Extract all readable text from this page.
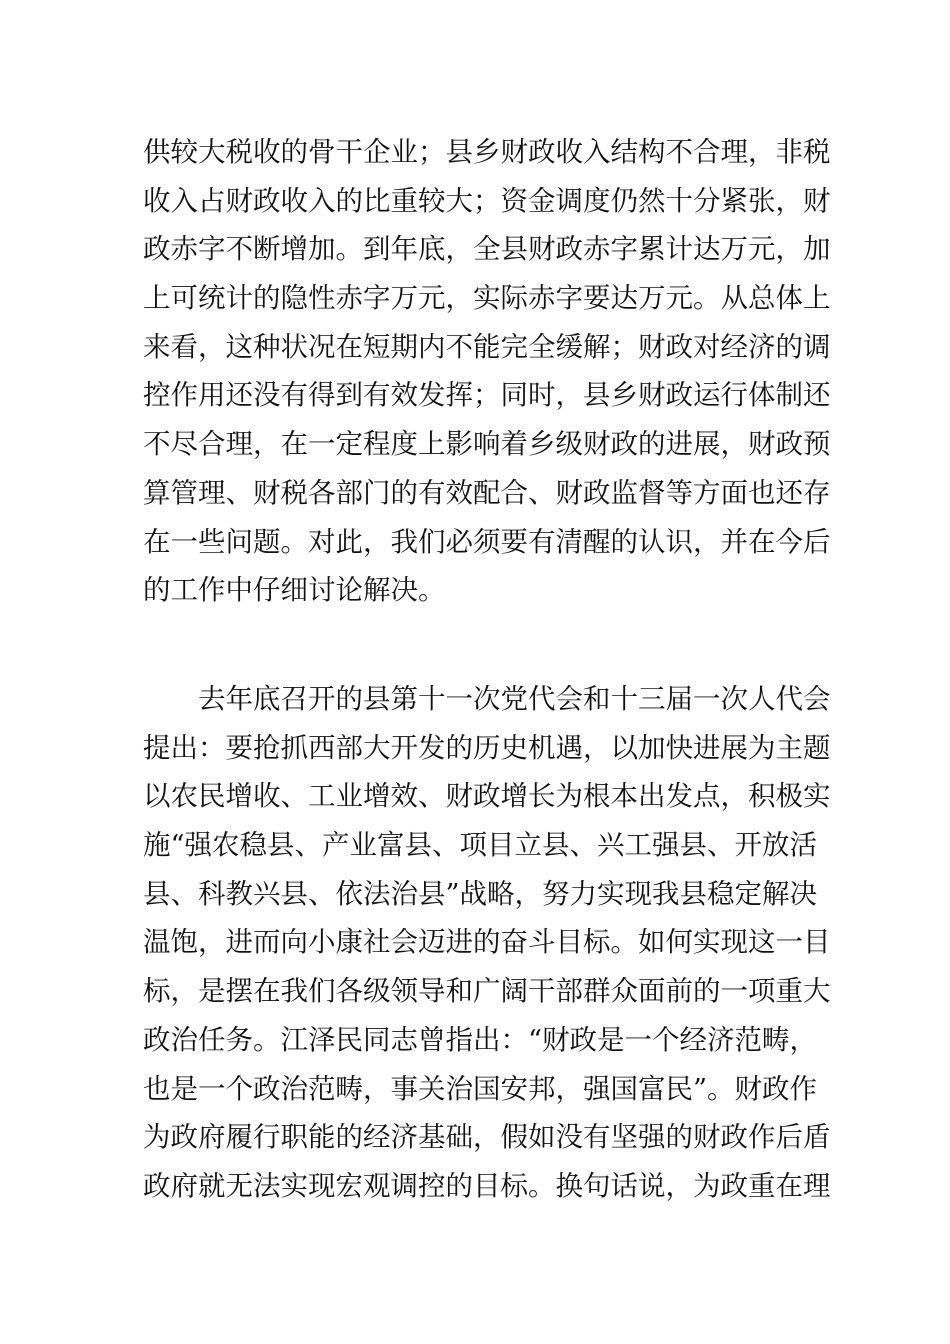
供较大税收的骨干企业；县乡财政收入结构不合理，非税
收入占财政收入的比重较大；资金调度仍然十分紧张，财
政赤字不断增加。到年底，全县财政赤字累计达万元，加
上可统计的隐性赤字万元，实际赤字要达万元。从总体上
来看，这种状况在短期内不能完全缓解；财政对经济的调
控作用还没有得到有效发挥；同时，县乡财政运行体制还
不尽合理，在一定程度上影响着乡级财政的进展，财政预
算管理、财税各部门的有效配合、财政监督等方面也还存
在一些问题。对此，我们必须要有清醒的认识，并在今后
的工作中仔细讨论解决。

去年底召开的县第十一次党代会和十三届一次人代会
提出：要抢抓西部大开发的历史机遇，以加快进展为主题
以农民增收、工业增效、财政增长为根本出发点，积极实
施“强农稳县、产业富县、项目立县、兴工强县、开放活
县、科教兴县、依法治县”战略，努力实现我县稳定解决
温饱，进而向小康社会迈进的奋斗目标。如何实现这一目
标，是摆在我们各级领导和广阔干部群众面前的一项重大
政治任务。江泽民同志曾指出：“财政是一个经济范畴，
也是一个政治范畴，事关治国安邦，强国富民”。财政作
为政府履行职能的经济基础，假如没有坚强的财政作后盾
政府就无法实现宏观调控的目标。换句话说，为政重在理
